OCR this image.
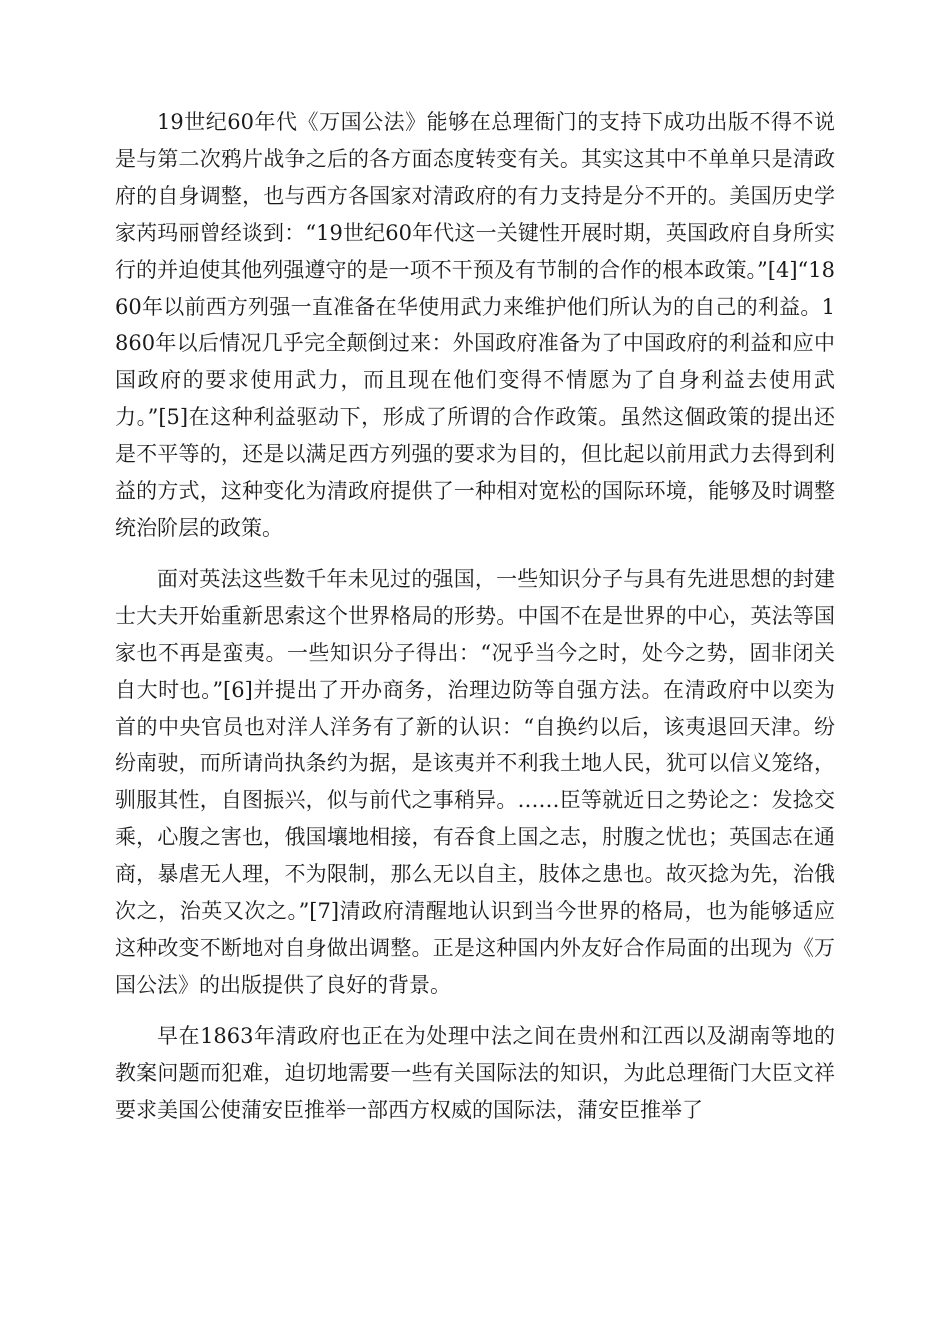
19世纪60年代《万国公法》能够在总理衙门的支持下成功出版不得不说是与第二次鸦片战争之后的各方面态度转变有关。其实这其中不单单只是清政府的自身调整，也与西方各国家对清政府的有力支持是分不开的。美国历史学家芮玛丽曾经谈到：“19世纪60年代这一关键性开展时期，英国政府自身所实行的并迫使其他列强遵守的是一项不干预及有节制的合作的根本政策。”[4]“1860年以前西方列强一直准备在华使用武力来维护他们所认为的自己的利益。1860年以后情况几乎完全颠倒过来：外国政府准备为了中国政府的利益和应中国政府的要求使用武力，而且现在他们变得不情愿为了自身利益去使用武力。”[5]在这种利益驱动下，形成了所谓的合作政策。虽然这個政策的提出还是不平等的，还是以满足西方列强的要求为目的，但比起以前用武力去得到利益的方式，这种变化为清政府提供了一种相对宽松的国际环境，能够及时调整统治阶层的政策。

面对英法这些数千年未见过的强国，一些知识分子与具有先进思想的封建士大夫开始重新思索这个世界格局的形势。中国不在是世界的中心，英法等国家也不再是蛮夷。一些知识分子得出：“况乎当今之时，处今之势，固非闭关自大时也。”[6]并提出了开办商务，治理边防等自强方法。在清政府中以奕为首的中央官员也对洋人洋务有了新的认识：“自换约以后，该夷退回天津。纷纷南驶，而所请尚执条约为据，是该夷并不利我土地人民，犹可以信义笼络，驯服其性，自图振兴，似与前代之事稍异。……臣等就近日之势论之：发捻交乘，心腹之害也，俄国壤地相接，有吞食上国之志，肘腹之忧也；英国志在通商，暴虐无人理，不为限制，那么无以自主，肢体之患也。故灭捻为先，治俄次之，治英又次之。”[7]清政府清醒地认识到当今世界的格局，也为能够适应这种改变不断地对自身做出调整。正是这种国内外友好合作局面的出现为《万国公法》的出版提供了良好的背景。

早在1863年清政府也正在为处理中法之间在贵州和江西以及湖南等地的教案问题而犯难，迫切地需要一些有关国际法的知识，为此总理衙门大臣文祥要求美国公使蒲安臣推举一部西方权威的国际法，蒲安臣推举了
